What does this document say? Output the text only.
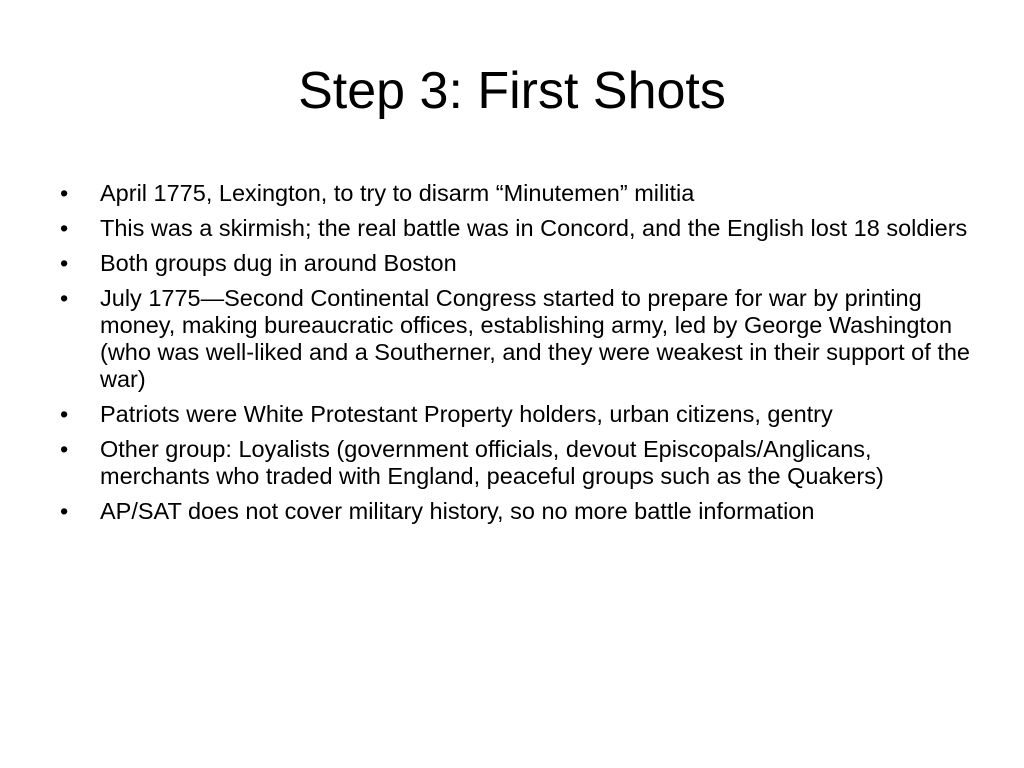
Step 3: First Shots
•	April 1775, Lexington, to try to disarm “Minutemen” militia
•	This was a skirmish; the real battle was in Concord, and the English lost 18 soldiers
•	Both groups dug in around Boston
•	July 1775—Second Continental Congress started to prepare for war by printing money, making bureaucratic offices, establishing army, led by George Washington (who was well-liked and a Southerner, and they were weakest in their support of the war)
•	Patriots were White Protestant Property holders, urban citizens, gentry
•	Other group: Loyalists (government officials, devout Episcopals/Anglicans, merchants who traded with England, peaceful groups such as the Quakers)
•	AP/SAT does not cover military history, so no more battle information
